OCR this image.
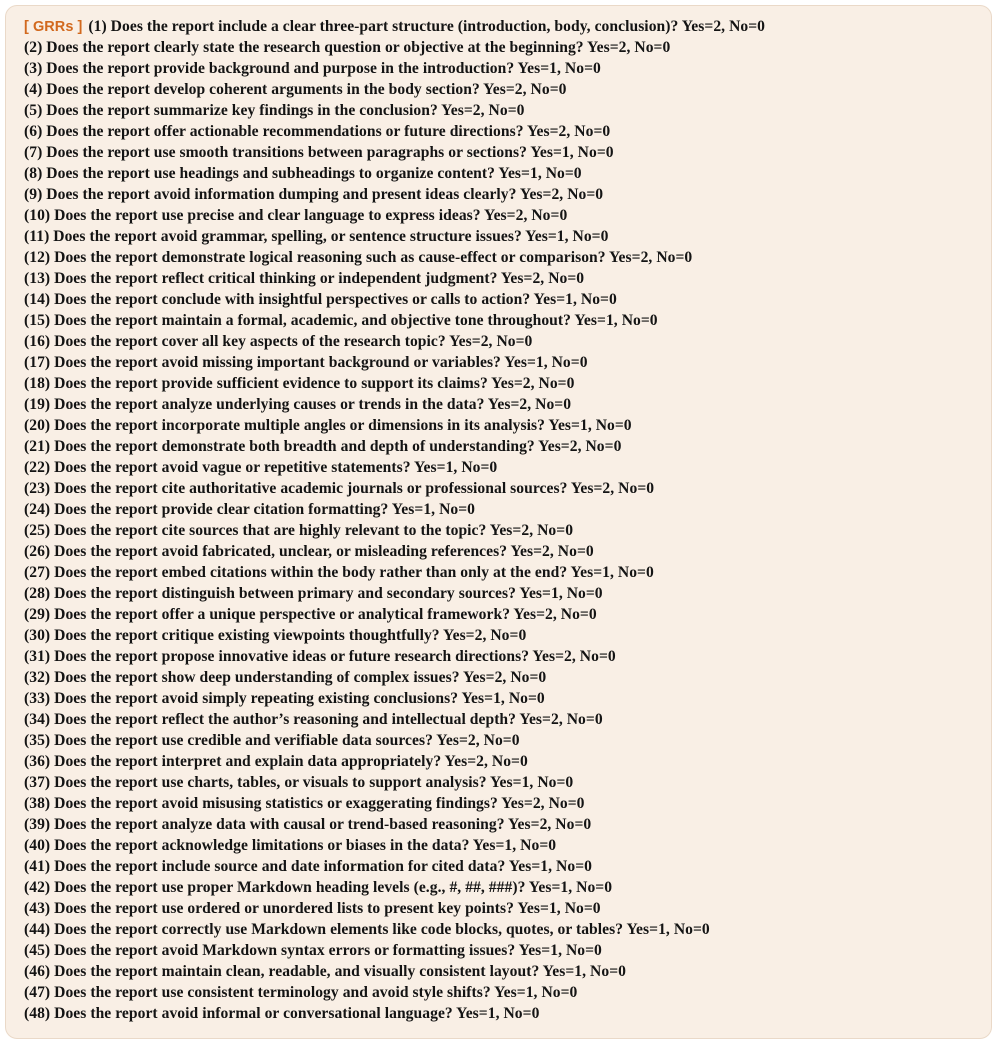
[ GRRs ] (1) Does the report include a clear three-part structure (introduction, body, conclusion)? Yes=2, No=0
(2) Does the report clearly state the research question or objective at the beginning? Yes=2, No=0
(3) Does the report provide background and purpose in the introduction? Yes=1, No=0
(4) Does the report develop coherent arguments in the body section? Yes=2, No=0
(5) Does the report summarize key findings in the conclusion? Yes=2, No=0
(6) Does the report offer actionable recommendations or future directions? Yes=2, No=0
(7) Does the report use smooth transitions between paragraphs or sections? Yes=1, No=0
(8) Does the report use headings and subheadings to organize content? Yes=1, No=0
(9) Does the report avoid information dumping and present ideas clearly? Yes=2, No=0
(10) Does the report use precise and clear language to express ideas? Yes=2, No=0
(11) Does the report avoid grammar, spelling, or sentence structure issues? Yes=1, No=0
(12) Does the report demonstrate logical reasoning such as cause-effect or comparison? Yes=2, No=0
(13) Does the report reflect critical thinking or independent judgment? Yes=2, No=0
(14) Does the report conclude with insightful perspectives or calls to action? Yes=1, No=0
(15) Does the report maintain a formal, academic, and objective tone throughout? Yes=1, No=0
(16) Does the report cover all key aspects of the research topic? Yes=2, No=0
(17) Does the report avoid missing important background or variables? Yes=1, No=0
(18) Does the report provide sufficient evidence to support its claims? Yes=2, No=0
(19) Does the report analyze underlying causes or trends in the data? Yes=2, No=0
(20) Does the report incorporate multiple angles or dimensions in its analysis? Yes=1, No=0
(21) Does the report demonstrate both breadth and depth of understanding? Yes=2, No=0
(22) Does the report avoid vague or repetitive statements? Yes=1, No=0
(23) Does the report cite authoritative academic journals or professional sources? Yes=2, No=0
(24) Does the report provide clear citation formatting? Yes=1, No=0
(25) Does the report cite sources that are highly relevant to the topic? Yes=2, No=0
(26) Does the report avoid fabricated, unclear, or misleading references? Yes=2, No=0
(27) Does the report embed citations within the body rather than only at the end? Yes=1, No=0
(28) Does the report distinguish between primary and secondary sources? Yes=1, No=0
(29) Does the report offer a unique perspective or analytical framework? Yes=2, No=0
(30) Does the report critique existing viewpoints thoughtfully? Yes=2, No=0
(31) Does the report propose innovative ideas or future research directions? Yes=2, No=0
(32) Does the report show deep understanding of complex issues? Yes=2, No=0
(33) Does the report avoid simply repeating existing conclusions? Yes=1, No=0
(34) Does the report reflect the author’s reasoning and intellectual depth? Yes=2, No=0
(35) Does the report use credible and verifiable data sources? Yes=2, No=0
(36) Does the report interpret and explain data appropriately? Yes=2, No=0
(37) Does the report use charts, tables, or visuals to support analysis? Yes=1, No=0
(38) Does the report avoid misusing statistics or exaggerating findings? Yes=2, No=0
(39) Does the report analyze data with causal or trend-based reasoning? Yes=2, No=0
(40) Does the report acknowledge limitations or biases in the data? Yes=1, No=0
(41) Does the report include source and date information for cited data? Yes=1, No=0
(42) Does the report use proper Markdown heading levels (e.g., #, ##, ###)? Yes=1, No=0
(43) Does the report use ordered or unordered lists to present key points? Yes=1, No=0
(44) Does the report correctly use Markdown elements like code blocks, quotes, or tables? Yes=1, No=0
(45) Does the report avoid Markdown syntax errors or formatting issues? Yes=1, No=0
(46) Does the report maintain clean, readable, and visually consistent layout? Yes=1, No=0
(47) Does the report use consistent terminology and avoid style shifts? Yes=1, No=0
(48) Does the report avoid informal or conversational language? Yes=1, No=0
